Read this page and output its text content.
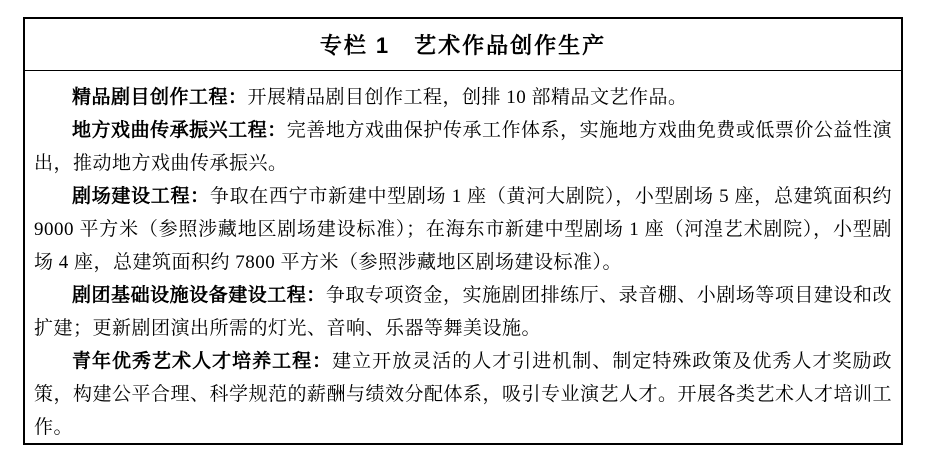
专栏 1　艺术作品创作生产

精品剧目创作工程：开展精品剧目创作工程，创排 10 部精品文艺作品。

地方戏曲传承振兴工程：完善地方戏曲保护传承工作体系，实施地方戏曲免费或低票价公益性演出，推动地方戏曲传承振兴。

剧场建设工程：争取在西宁市新建中型剧场 1 座（黄河大剧院），小型剧场 5 座，总建筑面积约 9000 平方米（参照涉藏地区剧场建设标准）；在海东市新建中型剧场 1 座（河湟艺术剧院），小型剧场 4 座，总建筑面积约 7800 平方米（参照涉藏地区剧场建设标准）。

剧团基础设施设备建设工程：争取专项资金，实施剧团排练厅、录音棚、小剧场等项目建设和改扩建；更新剧团演出所需的灯光、音响、乐器等舞美设施。

青年优秀艺术人才培养工程：建立开放灵活的人才引进机制、制定特殊政策及优秀人才奖励政策，构建公平合理、科学规范的薪酬与绩效分配体系，吸引专业演艺人才。开展各类艺术人才培训工作。
